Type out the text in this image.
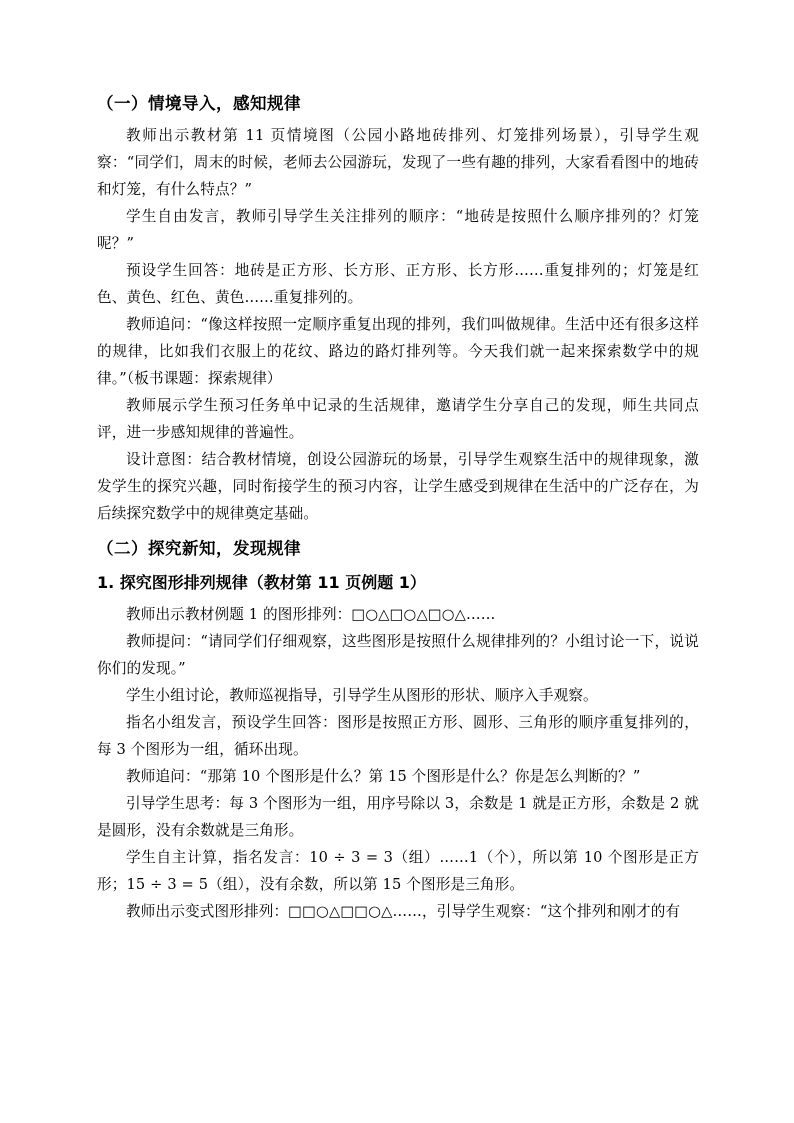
（一）情境导入，感知规律

教师出示教材第 11 页情境图（公园小路地砖排列、灯笼排列场景），引导学生观察：“同学们，周末的时候，老师去公园游玩，发现了一些有趣的排列，大家看看图中的地砖和灯笼，有什么特点？”

学生自由发言，教师引导学生关注排列的顺序：“地砖是按照什么顺序排列的？灯笼呢？”

预设学生回答：地砖是正方形、长方形、正方形、长方形……重复排列的；灯笼是红色、黄色、红色、黄色……重复排列的。

教师追问：“像这样按照一定顺序重复出现的排列，我们叫做规律。生活中还有很多这样的规律，比如我们衣服上的花纹、路边的路灯排列等。今天我们就一起来探索数学中的规律。”（板书课题：探索规律）

教师展示学生预习任务单中记录的生活规律，邀请学生分享自己的发现，师生共同点评，进一步感知规律的普遍性。

设计意图：结合教材情境，创设公园游玩的场景，引导学生观察生活中的规律现象，激发学生的探究兴趣，同时衔接学生的预习内容，让学生感受到规律在生活中的广泛存在，为后续探究数学中的规律奠定基础。

（二）探究新知，发现规律
1. 探究图形排列规律（教材第 11 页例题 1）

教师出示教材例题 1 的图形排列：□○△□○△□○△……

教师提问：“请同学们仔细观察，这些图形是按照什么规律排列的？小组讨论一下，说说你们的发现。”

学生小组讨论，教师巡视指导，引导学生从图形的形状、顺序入手观察。

指名小组发言，预设学生回答：图形是按照正方形、圆形、三角形的顺序重复排列的，每 3 个图形为一组，循环出现。

教师追问：“那第 10 个图形是什么？第 15 个图形是什么？你是怎么判断的？”

引导学生思考：每 3 个图形为一组，用序号除以 3，余数是 1 就是正方形，余数是 2 就是圆形，没有余数就是三角形。

学生自主计算，指名发言：10 ÷ 3 = 3（组）……1（个），所以第 10 个图形是正方形；15 ÷ 3 = 5（组），没有余数，所以第 15 个图形是三角形。

教师出示变式图形排列：□□○△□□○△……，引导学生观察：“这个排列和刚才的有
